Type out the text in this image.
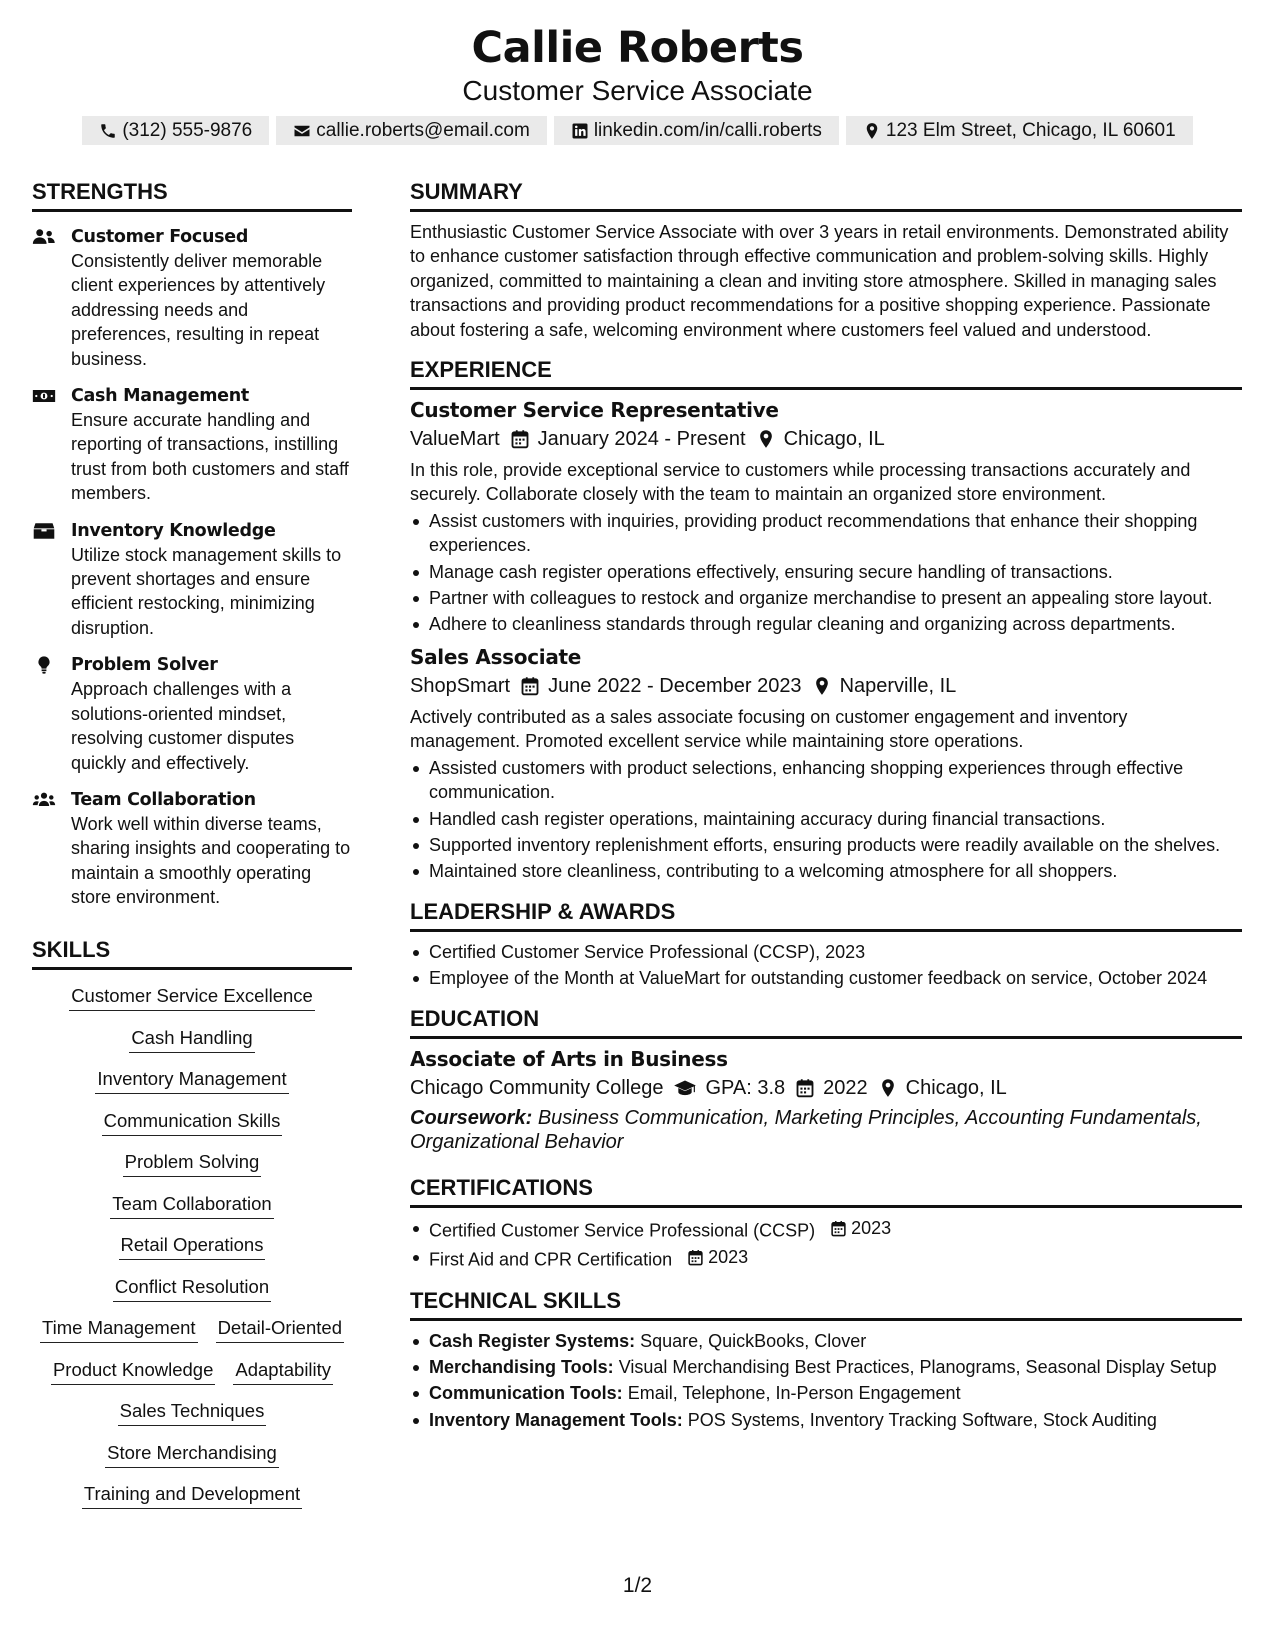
Callie Roberts
Customer Service Associate
(312) 555-9876	callie.roberts@email.com	linkedin.com/in/calli.roberts	123 Elm Street, Chicago, IL 60601
STRENGTHS
Customer Focused
Consistently deliver memorable client experiences by attentively addressing needs and preferences, resulting in repeat business.
Cash Management
Ensure accurate handling and reporting of transactions, instilling trust from both customers and staff members.
Inventory Knowledge
Utilize stock management skills to prevent shortages and ensure efficient restocking, minimizing disruption.
Problem Solver
Approach challenges with a solutions-oriented mindset, resolving customer disputes quickly and effectively.
Team Collaboration
Work well within diverse teams, sharing insights and cooperating to maintain a smoothly operating store environment.
SKILLS
Customer Service Excellence
Cash Handling
Inventory Management
Communication Skills
Problem Solving
Team Collaboration
Retail Operations
Conflict Resolution
Time Management Detail-Oriented
Product Knowledge Adaptability
Sales Techniques
Store Merchandising
Training and Development
SUMMARY
Enthusiastic Customer Service Associate with over 3 years in retail environments. Demonstrated ability to enhance customer satisfaction through effective communication and problem-solving skills. Highly organized, committed to maintaining a clean and inviting store atmosphere. Skilled in managing sales transactions and providing product recommendations for a positive shopping experience. Passionate about fostering a safe, welcoming environment where customers feel valued and understood.
EXPERIENCE
Customer Service Representative
ValueMart January 2024 - Present Chicago, IL
In this role, provide exceptional service to customers while processing transactions accurately and securely. Collaborate closely with the team to maintain an organized store environment.
Assist customers with inquiries, providing product recommendations that enhance their shopping experiences.
Manage cash register operations effectively, ensuring secure handling of transactions.
Partner with colleagues to restock and organize merchandise to present an appealing store layout.
Adhere to cleanliness standards through regular cleaning and organizing across departments.
Sales Associate
ShopSmart June 2022 - December 2023 Naperville, IL
Actively contributed as a sales associate focusing on customer engagement and inventory management. Promoted excellent service while maintaining store operations.
Assisted customers with product selections, enhancing shopping experiences through effective communication.
Handled cash register operations, maintaining accuracy during financial transactions.
Supported inventory replenishment efforts, ensuring products were readily available on the shelves.
Maintained store cleanliness, contributing to a welcoming atmosphere for all shoppers.
LEADERSHIP & AWARDS
Certified Customer Service Professional (CCSP), 2023
Employee of the Month at ValueMart for outstanding customer feedback on service, October 2024
EDUCATION
Associate of Arts in Business
Chicago Community College GPA: 3.8 2022 Chicago, IL
Coursework: Business Communication, Marketing Principles, Accounting Fundamentals, Organizational Behavior
CERTIFICATIONS
Certified Customer Service Professional (CCSP) 2023
First Aid and CPR Certification 2023
TECHNICAL SKILLS
Cash Register Systems: Square, QuickBooks, Clover
Merchandising Tools: Visual Merchandising Best Practices, Planograms, Seasonal Display Setup
Communication Tools: Email, Telephone, In-Person Engagement
Inventory Management Tools: POS Systems, Inventory Tracking Software, Stock Auditing
1/2
